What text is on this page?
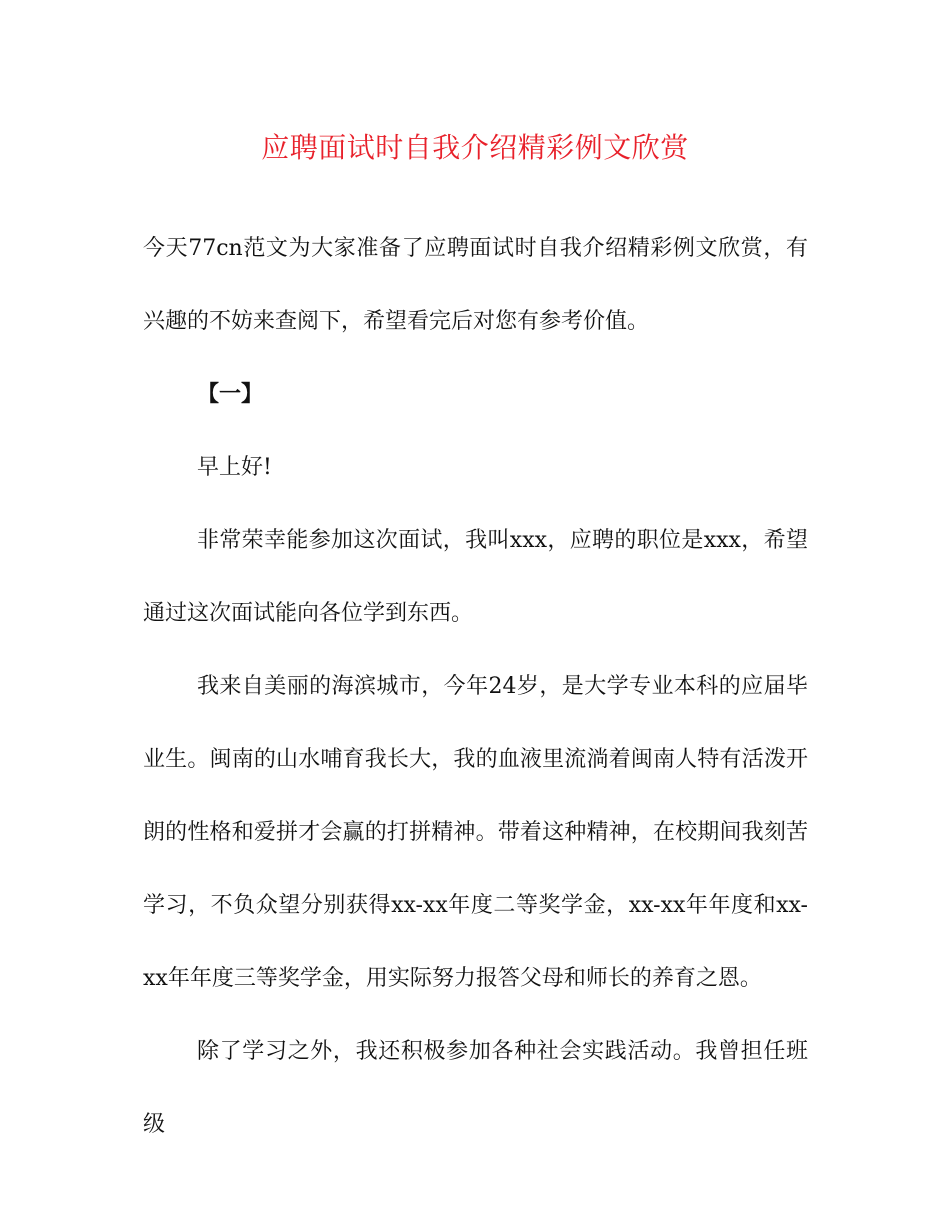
应聘面试时自我介绍精彩例文欣赏

今天77cn范文为大家准备了应聘面试时自我介绍精彩例文欣赏，有兴趣的不妨来查阅下，希望看完后对您有参考价值。

【一】

早上好!

非常荣幸能参加这次面试，我叫xxx，应聘的职位是xxx，希望通过这次面试能向各位学到东西。

我来自美丽的海滨城市，今年24岁，是大学专业本科的应届毕业生。闽南的山水哺育我长大，我的血液里流淌着闽南人特有活泼开朗的性格和爱拼才会赢的打拼精神。带着这种精神，在校期间我刻苦学习，不负众望分别获得xx-xx年度二等奖学金，xx-xx年年度和xx-xx年年度三等奖学金，用实际努力报答父母和师长的养育之恩。

除了学习之外，我还积极参加各种社会实践活动。我曾担任班级
